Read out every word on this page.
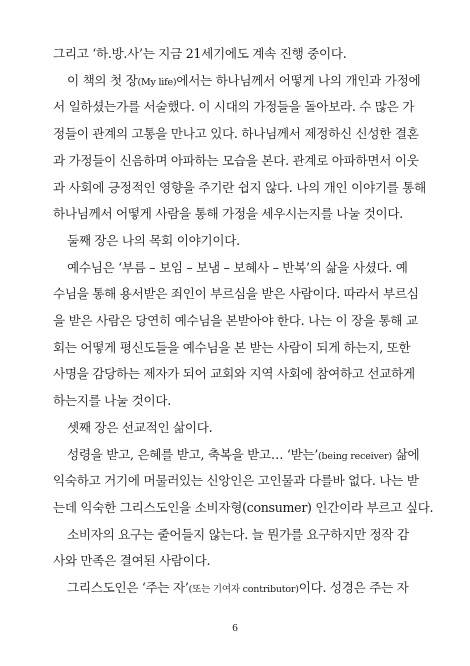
그리고 ‘하.방.사’는 지금 21세기에도 계속 진행 중이다.
이 책의 첫 장(My life)에서는 하나님께서 어떻게 나의 개인과 가정에
서 일하셨는가를 서술했다. 이 시대의 가정들을 돌아보라. 수 많은 가
정들이 관계의 고통을 만나고 있다. 하나님께서 제정하신 신성한 결혼
과 가정들이 신음하며 아파하는 모습을 본다. 관계로 아파하면서 이웃
과 사회에 긍정적인 영향을 주기란 쉽지 않다. 나의 개인 이야기를 통해
하나님께서 어떻게 사람을 통해 가정을 세우시는지를 나눌 것이다.
둘째 장은 나의 목회 이야기이다.
예수님은 ‘부름 – 보임 – 보냄 – 보혜사 – 반복’의 삶을 사셨다. 예
수님을 통해 용서받은 죄인이 부르심을 받은 사람이다. 따라서 부르심
을 받은 사람은 당연히 예수님을 본받아야 한다. 나는 이 장을 통해 교
회는 어떻게 평신도들을 예수님을 본 받는 사람이 되게 하는지, 또한
사명을 감당하는 제자가 되어 교회와 지역 사회에 참여하고 선교하게
하는지를 나눌 것이다.
셋째 장은 선교적인 삶이다.
성령을 받고, 은혜를 받고, 축복을 받고… ‘받는’(being receiver) 삶에
익숙하고 거기에 머물러있는 신앙인은 고인물과 다를바 없다. 나는 받
는데 익숙한 그리스도인을 소비자형(consumer) 인간이라 부르고 싶다.
소비자의 요구는 줄어들지 않는다. 늘 뭔가를 요구하지만 정작 감
사와 만족은 결여된 사람이다.
그리스도인은 ‘주는 자’(또는 기여자 contributor)이다. 성경은 주는 자
6
